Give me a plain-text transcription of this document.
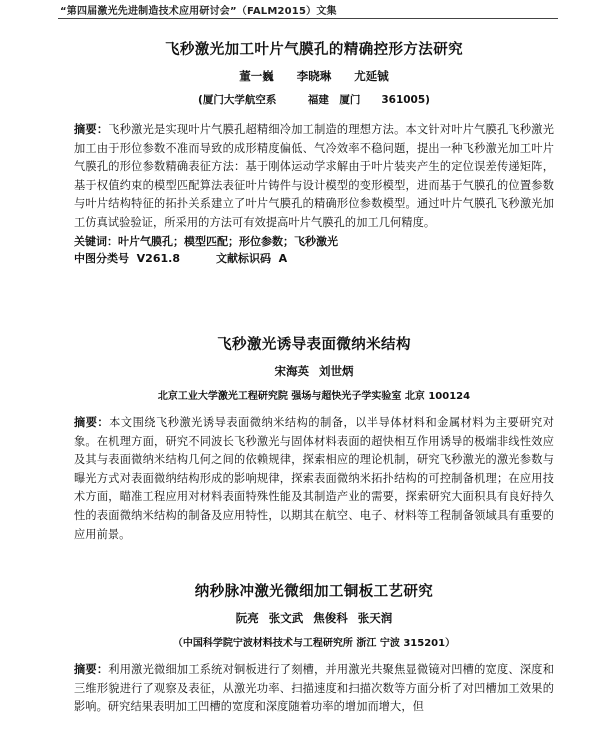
“第四届激光先进制造技术应用研讨会”（FALM2015）文集
飞秒激光加工叶片气膜孔的精确控形方法研究
董一巍　　李晓琳　　尤延铖
(厦门大学航空系　　　福建　厦门　　361005)
摘要：飞秒激光是实现叶片气膜孔超精细冷加工制造的理想方法。本文针对叶片气膜孔飞秒激光加工由于形位参数不准而导致的成形精度偏低、气冷效率不稳问题，提出一种飞秒激光加工叶片气膜孔的形位参数精确表征方法：基于刚体运动学求解由于叶片装夹产生的定位误差传递矩阵，基于权值约束的模型匹配算法表征叶片铸件与设计模型的变形模型，进而基于气膜孔的位置参数与叶片结构特征的拓扑关系建立了叶片气膜孔的精确形位参数模型。通过叶片气膜孔飞秒激光加工仿真试验验证，所采用的方法可有效提高叶片气膜孔的加工几何精度。
关键词：叶片气膜孔；模型匹配；形位参数；飞秒激光
中图分类号 V261.8	文献标识码 A
飞秒激光诱导表面微纳米结构
宋海英 刘世炳
北京工业大学激光工程研究院 强场与超快光子学实验室 北京 100124
摘要：本文围绕飞秒激光诱导表面微纳米结构的制备，以半导体材料和金属材料为主要研究对象。在机理方面，研究不同波长飞秒激光与固体材料表面的超快相互作用诱导的极端非线性效应及其与表面微纳米结构几何之间的依赖规律，探索相应的理论机制，研究飞秒激光的激光参数与曝光方式对表面微纳结构形成的影响规律，探索表面微纳米拓扑结构的可控制备机理；在应用技术方面，瞄准工程应用对材料表面特殊性能及其制造产业的需要，探索研究大面积具有良好持久性的表面微纳米结构的制备及应用特性，以期其在航空、电子、材料等工程制备领域具有重要的应用前景。
纳秒脉冲激光微细加工铜板工艺研究
阮亮 张文武 焦俊科 张天润
（中国科学院宁波材料技术与工程研究所 浙江 宁波 315201）
摘要：利用激光微细加工系统对铜板进行了刻槽，并用激光共聚焦显微镜对凹槽的宽度、深度和三维形貌进行了观察及表征，从激光功率、扫描速度和扫描次数等方面分析了对凹槽加工效果的影响。研究结果表明加工凹槽的宽度和深度随着功率的增加而增大，但
